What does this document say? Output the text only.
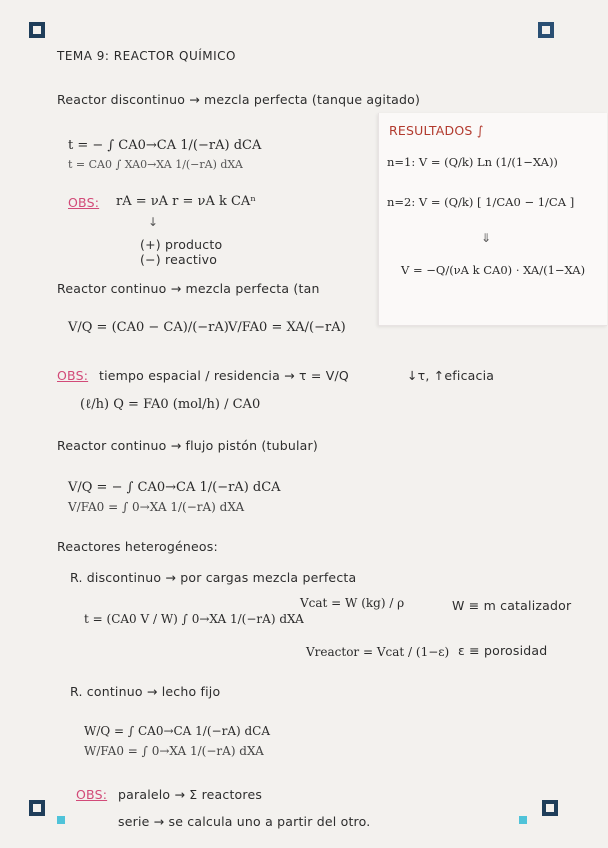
TEMA 9: REACTOR QUÍMICO
Reactor discontinuo → mezcla perfecta (tanque agitado)
t = − ∫ CA0→CA 1/(−rA) dCA
t = CA0 ∫ XA0→XA 1/(−rA) dXA
OBS: rA = νA r = νA k CAⁿ
↓
(+) producto
(−) reactivo
RESULTADOS ∫
n=1: V = (Q/k) Ln (1/(1−XA))
n=2: V = (Q/k) [ 1/CA0 − 1/CA ]
⇓
V = −Q/(νA k CA0) · XA/(1−XA)
Reactor continuo → mezcla perfecta (tan
V/Q = (CA0 − CA)/(−rA) V/FA0 = XA/(−rA)
OBS: tiempo espacial / residencia → τ = V/Q	↓τ, ↑eficacia
(ℓ/h) Q = FA0 (mol/h) / CA0
Reactor continuo → flujo pistón (tubular)
V/Q = − ∫ CA0→CA 1/(−rA) dCA
V/FA0 = ∫ 0→XA 1/(−rA) dXA
Reactores heterogéneos:
R. discontinuo → por cargas mezcla perfecta
t = (CA0 V / W) ∫ 0→XA 1/(−rA) dXA
Vcat = W (kg) / ρ	W ≡ m catalizador
Vreactor = Vcat / (1−ε) ε ≡ porosidad
R. continuo → lecho fijo
W/Q = ∫ CA0→CA 1/(−rA) dCA
W/FA0 = ∫ 0→XA 1/(−rA) dXA
OBS: paralelo → Σ reactores
serie → se calcula uno a partir del otro.
